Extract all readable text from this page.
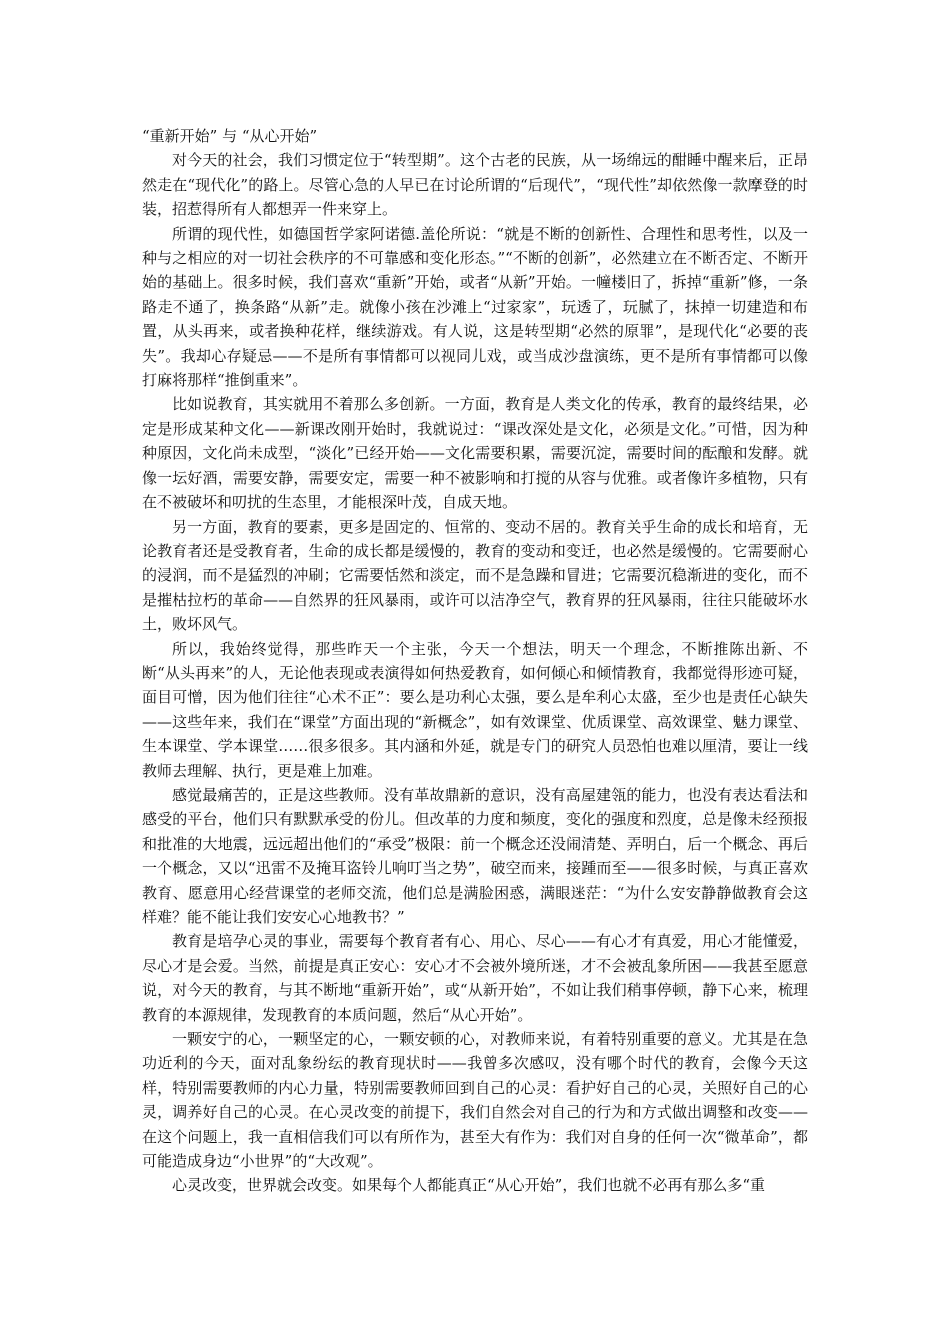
“重新开始” 与 “从心开始”

对今天的社会，我们习惯定位于“转型期”。这个古老的民族，从一场绵远的酣睡中醒来后，正昂然走在“现代化”的路上。尽管心急的人早已在讨论所谓的“后现代”，“现代性”却依然像一款摩登的时装，招惹得所有人都想弄一件来穿上。

所谓的现代性，如德国哲学家阿诺德.盖伦所说：“就是不断的创新性、合理性和思考性，以及一种与之相应的对一切社会秩序的不可靠感和变化形态。”“不断的创新”，必然建立在不断否定、不断开始的基础上。很多时候，我们喜欢“重新”开始，或者“从新”开始。一幢楼旧了，拆掉“重新”修，一条路走不通了，换条路“从新”走。就像小孩在沙滩上“过家家”，玩透了，玩腻了，抹掉一切建造和布置，从头再来，或者换种花样，继续游戏。有人说，这是转型期“必然的原罪”，是现代化“必要的丧失”。我却心存疑忌——不是所有事情都可以视同儿戏，或当成沙盘演练，更不是所有事情都可以像打麻将那样“推倒重来”。

比如说教育，其实就用不着那么多创新。一方面，教育是人类文化的传承，教育的最终结果，必定是形成某种文化——新课改刚开始时，我就说过：“课改深处是文化，必须是文化。”可惜，因为种种原因，文化尚未成型，“淡化”已经开始——文化需要积累，需要沉淀，需要时间的酝酿和发酵。就像一坛好酒，需要安静，需要安定，需要一种不被影响和打搅的从容与优雅。或者像许多植物，只有在不被破坏和叨扰的生态里，才能根深叶茂，自成天地。

另一方面，教育的要素，更多是固定的、恒常的、变动不居的。教育关乎生命的成长和培育，无论教育者还是受教育者，生命的成长都是缓慢的，教育的变动和变迁，也必然是缓慢的。它需要耐心的浸润，而不是猛烈的冲刷；它需要恬然和淡定，而不是急躁和冒进；它需要沉稳渐进的变化，而不是摧枯拉朽的革命——自然界的狂风暴雨，或许可以洁净空气，教育界的狂风暴雨，往往只能破坏水土，败坏风气。

所以，我始终觉得，那些昨天一个主张，今天一个想法，明天一个理念，不断推陈出新、不断“从头再来”的人，无论他表现或表演得如何热爱教育，如何倾心和倾情教育，我都觉得形迹可疑，面目可憎，因为他们往往“心术不正”：要么是功利心太强，要么是牟利心太盛，至少也是责任心缺失——这些年来，我们在“课堂”方面出现的“新概念”，如有效课堂、优质课堂、高效课堂、魅力课堂、生本课堂、学本课堂……很多很多。其内涵和外延，就是专门的研究人员恐怕也难以厘清，要让一线教师去理解、执行，更是难上加难。

感觉最痛苦的，正是这些教师。没有革故鼎新的意识，没有高屋建瓴的能力，也没有表达看法和感受的平台，他们只有默默承受的份儿。但改革的力度和频度，变化的强度和烈度，总是像未经预报和批准的大地震，远远超出他们的“承受”极限：前一个概念还没闹清楚、弄明白，后一个概念、再后一个概念，又以“迅雷不及掩耳盗铃儿响叮当之势”，破空而来，接踵而至——很多时候，与真正喜欢教育、愿意用心经营课堂的老师交流，他们总是满脸困惑，满眼迷茫：“为什么安安静静做教育会这样难？能不能让我们安安心心地教书？”

教育是培孕心灵的事业，需要每个教育者有心、用心、尽心——有心才有真爱，用心才能懂爱，尽心才是会爱。当然，前提是真正安心：安心才不会被外境所迷，才不会被乱象所困——我甚至愿意说，对今天的教育，与其不断地“重新开始”，或“从新开始”，不如让我们稍事停顿，静下心来，梳理教育的本源规律，发现教育的本质问题，然后“从心开始”。

一颗安宁的心，一颗坚定的心，一颗安顿的心，对教师来说，有着特别重要的意义。尤其是在急功近利的今天，面对乱象纷纭的教育现状时——我曾多次感叹，没有哪个时代的教育，会像今天这样，特别需要教师的内心力量，特别需要教师回到自己的心灵：看护好自己的心灵，关照好自己的心灵，调养好自己的心灵。在心灵改变的前提下，我们自然会对自己的行为和方式做出调整和改变——在这个问题上，我一直相信我们可以有所作为，甚至大有作为：我们对自身的任何一次“微革命”，都可能造成身边“小世界”的“大改观”。

心灵改变，世界就会改变。如果每个人都能真正“从心开始”，我们也就不必再有那么多“重
